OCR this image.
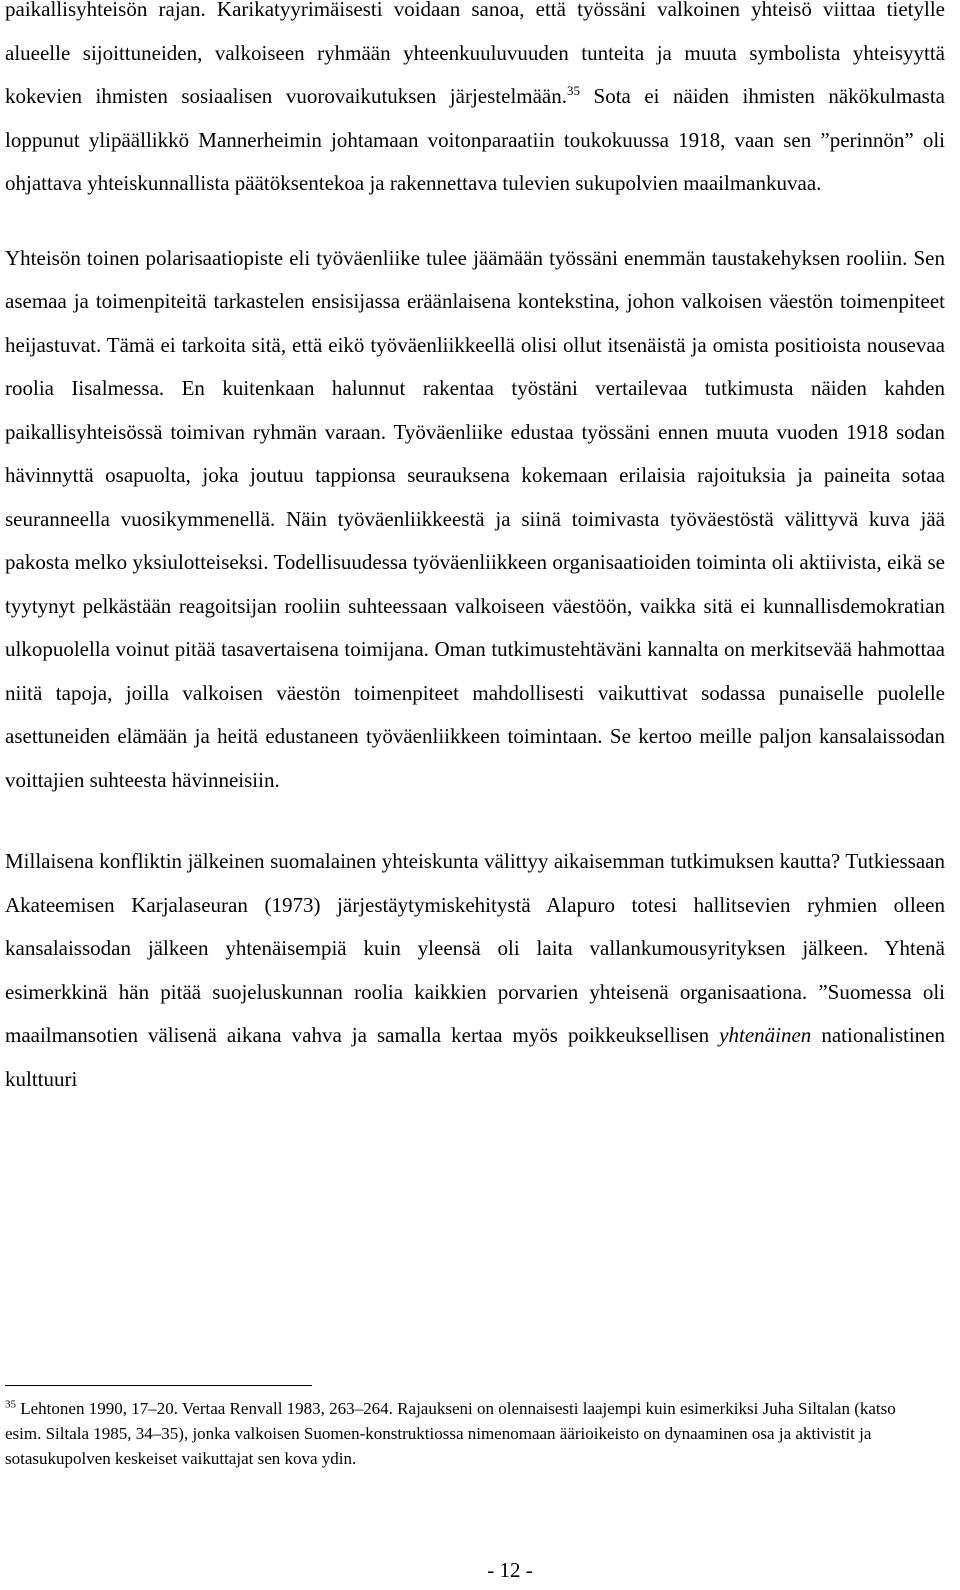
paikallisyhteisön rajan. Karikatyyrimäisesti voidaan sanoa, että työssäni valkoinen yhteisö viittaa tietylle alueelle sijoittuneiden, valkoiseen ryhmään yhteenkuuluvuuden tunteita ja muuta symbolista yhteisyyttä kokevien ihmisten sosiaalisen vuorovaikutuksen järjestelmään.$^{35}$ Sota ei näiden ihmisten näkökulmasta loppunut ylipäällikkö Mannerheimin johtamaan voitonparaatiin toukokuussa 1918, vaan sen ”perinnön” oli ohjattava yhteiskunnallista päätöksentekoa ja rakennettava tulevien sukupolvien maailmankuvaa.

Yhteisön toinen polarisaatiopiste eli työväenliike tulee jäämään työssäni enemmän taustakehyksen rooliin. Sen asemaa ja toimenpiteitä tarkastelen ensisijassa eräänlaisena kontekstina, johon valkoisen väestön toimenpiteet heijastuvat. Tämä ei tarkoita sitä, että eikö työväenliikkeellä olisi ollut itsenäistä ja omista positioista nousevaa roolia Iisalmessa. En kuitenkaan halunnut rakentaa työstäni vertailevaa tutkimusta näiden kahden paikallisyhteisössä toimivan ryhmän varaan. Työväenliike edustaa työssäni ennen muuta vuoden 1918 sodan hävinnyttä osapuolta, joka joutuu tappionsa seurauksena kokemaan erilaisia rajoituksia ja paineita sotaa seuranneella vuosikymmenellä. Näin työväenliikkeestä ja siinä toimivasta työväestöstä välittyvä kuva jää pakosta melko yksiulotteiseksi. Todellisuudessa työväenliikkeen organisaatioiden toiminta oli aktiivista, eikä se tyytynyt pelkästään reagoitsijan rooliin suhteessaan valkoiseen väestöön, vaikka sitä ei kunnallisdemokratian ulkopuolella voinut pitää tasavertaisena toimijana. Oman tutkimustehtäväni kannalta on merkitsevää hahmottaa niitä tapoja, joilla valkoisen väestön toimenpiteet mahdollisesti vaikuttivat sodassa punaiselle puolelle asettuneiden elämään ja heitä edustaneen työväenliikkeen toimintaan. Se kertoo meille paljon kansalaissodan voittajien suhteesta hävinneisiin.

Millaisena konfliktin jälkeinen suomalainen yhteiskunta välittyy aikaisemman tutkimuksen kautta? Tutkiessaan Akateemisen Karjalaseuran (1973) järjestäytymiskehitystä Alapuro totesi hallitsevien ryhmien olleen kansalaissodan jälkeen yhtenäisempiä kuin yleensä oli laita vallankumousyrityksen jälkeen. Yhtenä esimerkkinä hän pitää suojeluskunnan roolia kaikkien porvarien yhteisenä organisaationa. ”Suomessa oli maailmansotien välisenä aikana vahva ja samalla kertaa myös poikkeuksellisen yhtenäinen nationalistinen kulttuuri

$^{35}$ Lehtonen 1990, 17–20. Vertaa Renvall 1983, 263–264. Rajaukseni on olennaisesti laajempi kuin esimerkiksi Juha Siltalan (katso esim. Siltala 1985, 34–35), jonka valkoisen Suomen-konstruktiossa nimenomaan äärioikeisto on dynaaminen osa ja aktivistit ja sotasukupolven keskeiset vaikuttajat sen kova ydin.

- 12 -
